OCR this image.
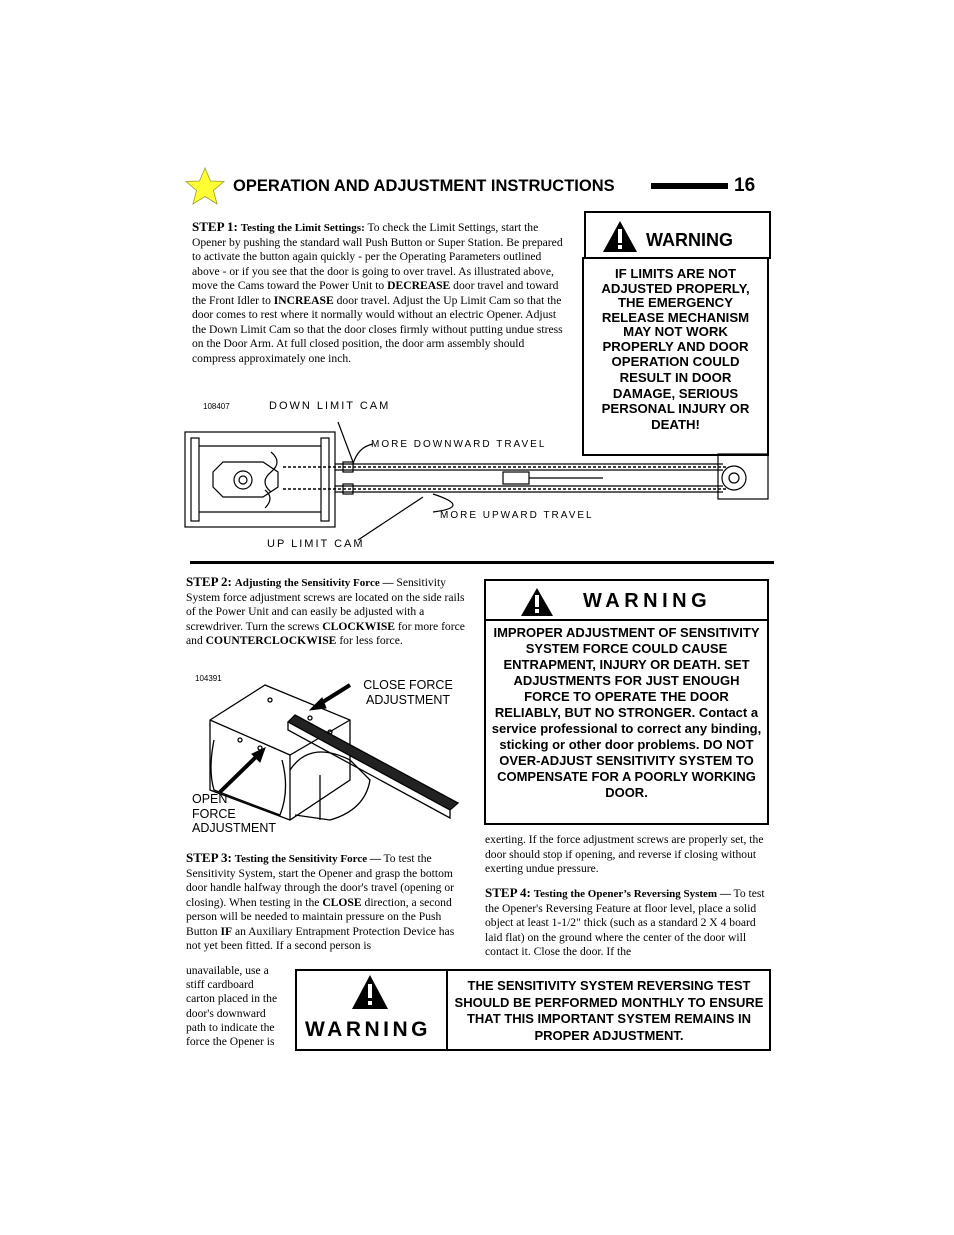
OPERATION AND ADJUSTMENT INSTRUCTIONS	16
STEP 1: Testing the Limit Settings: To check the Limit Settings, start the Opener by pushing the standard wall Push Button or Super Station. Be prepared to activate the button again quickly - per the Operating Parameters outlined above - or if you see that the door is going to over travel. As illustrated above, move the Cams toward the Power Unit to DECREASE door travel and toward the Front Idler to INCREASE door travel. Adjust the Up Limit Cam so that the door comes to rest where it normally would without an electric Opener. Adjust the Down Limit Cam so that the door closes firmly without putting undue stress on the Door Arm. At full closed position, the door arm assembly should compress approximately one inch.
WARNING
IF LIMITS ARE NOT ADJUSTED PROPERLY, THE EMERGENCY RELEASE MECHANISM MAY NOT WORK PROPERLY AND DOOR OPERATION COULD
RESULT IN DOOR DAMAGE, SERIOUS PERSONAL INJURY OR DEATH!
108407	DOWN LIMIT CAM
MORE DOWNWARD TRAVEL
MORE UPWARD TRAVEL
UP LIMIT CAM
STEP 2: Adjusting the Sensitivity Force — Sensitivity System force adjustment screws are located on the side rails of the Power Unit and can easily be adjusted with a screwdriver. Turn the screws CLOCKWISE for more force and COUNTERCLOCKWISE for less force.
104391	CLOSE FORCE ADJUSTMENT
OPEN
FORCE
ADJUSTMENT
WARNING
IMPROPER ADJUSTMENT OF SENSITIVITY SYSTEM FORCE COULD CAUSE ENTRAPMENT, INJURY OR DEATH. SET ADJUSTMENTS FOR JUST ENOUGH FORCE TO OPERATE THE DOOR RELIABLY, BUT NO STRONGER. Contact a service professional to correct any binding, sticking or other door problems. DO NOT OVER-ADJUST SENSITIVITY SYSTEM TO COMPENSATE FOR A POORLY WORKING DOOR.
STEP 3: Testing the Sensitivity Force — To test the Sensitivity System, start the Opener and grasp the bottom door handle halfway through the door's travel (opening or closing). When testing in the CLOSE direction, a second person will be needed to maintain pressure on the Push Button IF an Auxiliary Entrapment Protection Device has not yet been fitted. If a second person is
unavailable, use a
stiff cardboard
carton placed in the
door's downward
path to indicate the
force the Opener is
exerting. If the force adjustment screws are properly set, the door should stop if opening, and reverse if closing without exerting undue pressure.
STEP 4: Testing the Opener’s Reversing System — To test the Opener's Reversing Feature at floor level, place a solid object at least 1-1/2" thick (such as a standard 2 X 4 board laid flat) on the ground where the center of the door will contact it. Close the door. If the
WARNING
THE SENSITIVITY SYSTEM REVERSING TEST SHOULD BE PERFORMED MONTHLY TO ENSURE THAT THIS IMPORTANT SYSTEM REMAINS IN PROPER ADJUSTMENT.
